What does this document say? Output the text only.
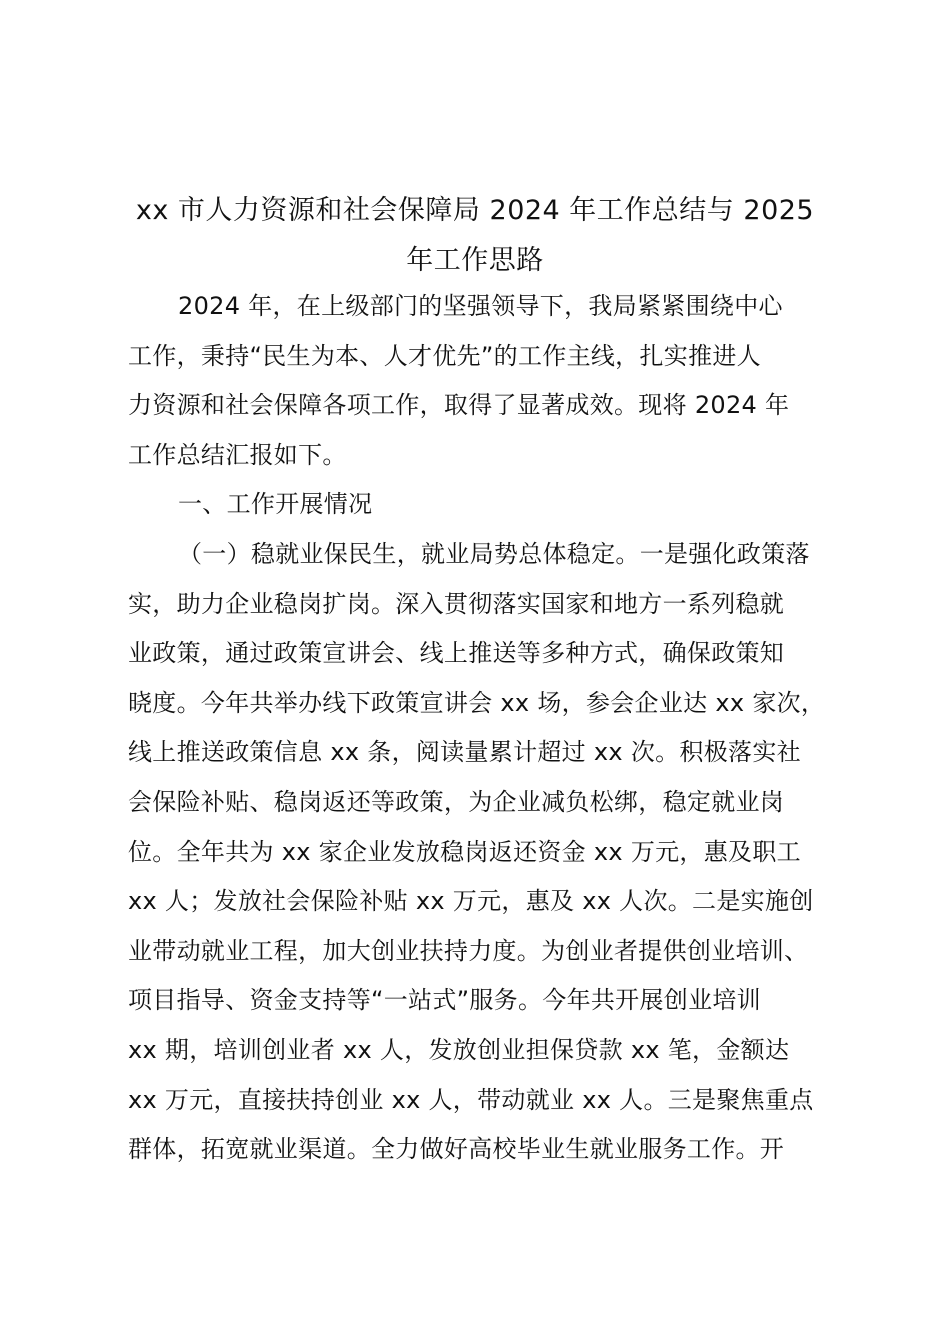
xx 市人力资源和社会保障局 2024 年工作总结与 2025
年工作思路

2024 年，在上级部门的坚强领导下，我局紧紧围绕中心
工作，秉持“民生为本、人才优先”的工作主线，扎实推进人
力资源和社会保障各项工作，取得了显著成效。现将 2024 年
工作总结汇报如下。

一、工作开展情况

（一）稳就业保民生，就业局势总体稳定。一是强化政策落
实，助力企业稳岗扩岗。深入贯彻落实国家和地方一系列稳就
业政策，通过政策宣讲会、线上推送等多种方式，确保政策知
晓度。今年共举办线下政策宣讲会 xx 场，参会企业达 xx 家次，
线上推送政策信息 xx 条，阅读量累计超过 xx 次。积极落实社
会保险补贴、稳岗返还等政策，为企业减负松绑，稳定就业岗
位。全年共为 xx 家企业发放稳岗返还资金 xx 万元，惠及职工
xx 人；发放社会保险补贴 xx 万元，惠及 xx 人次。二是实施创
业带动就业工程，加大创业扶持力度。为创业者提供创业培训、
项目指导、资金支持等“一站式”服务。今年共开展创业培训
xx 期，培训创业者 xx 人，发放创业担保贷款 xx 笔，金额达
xx 万元，直接扶持创业 xx 人，带动就业 xx 人。三是聚焦重点
群体，拓宽就业渠道。全力做好高校毕业生就业服务工作。开
